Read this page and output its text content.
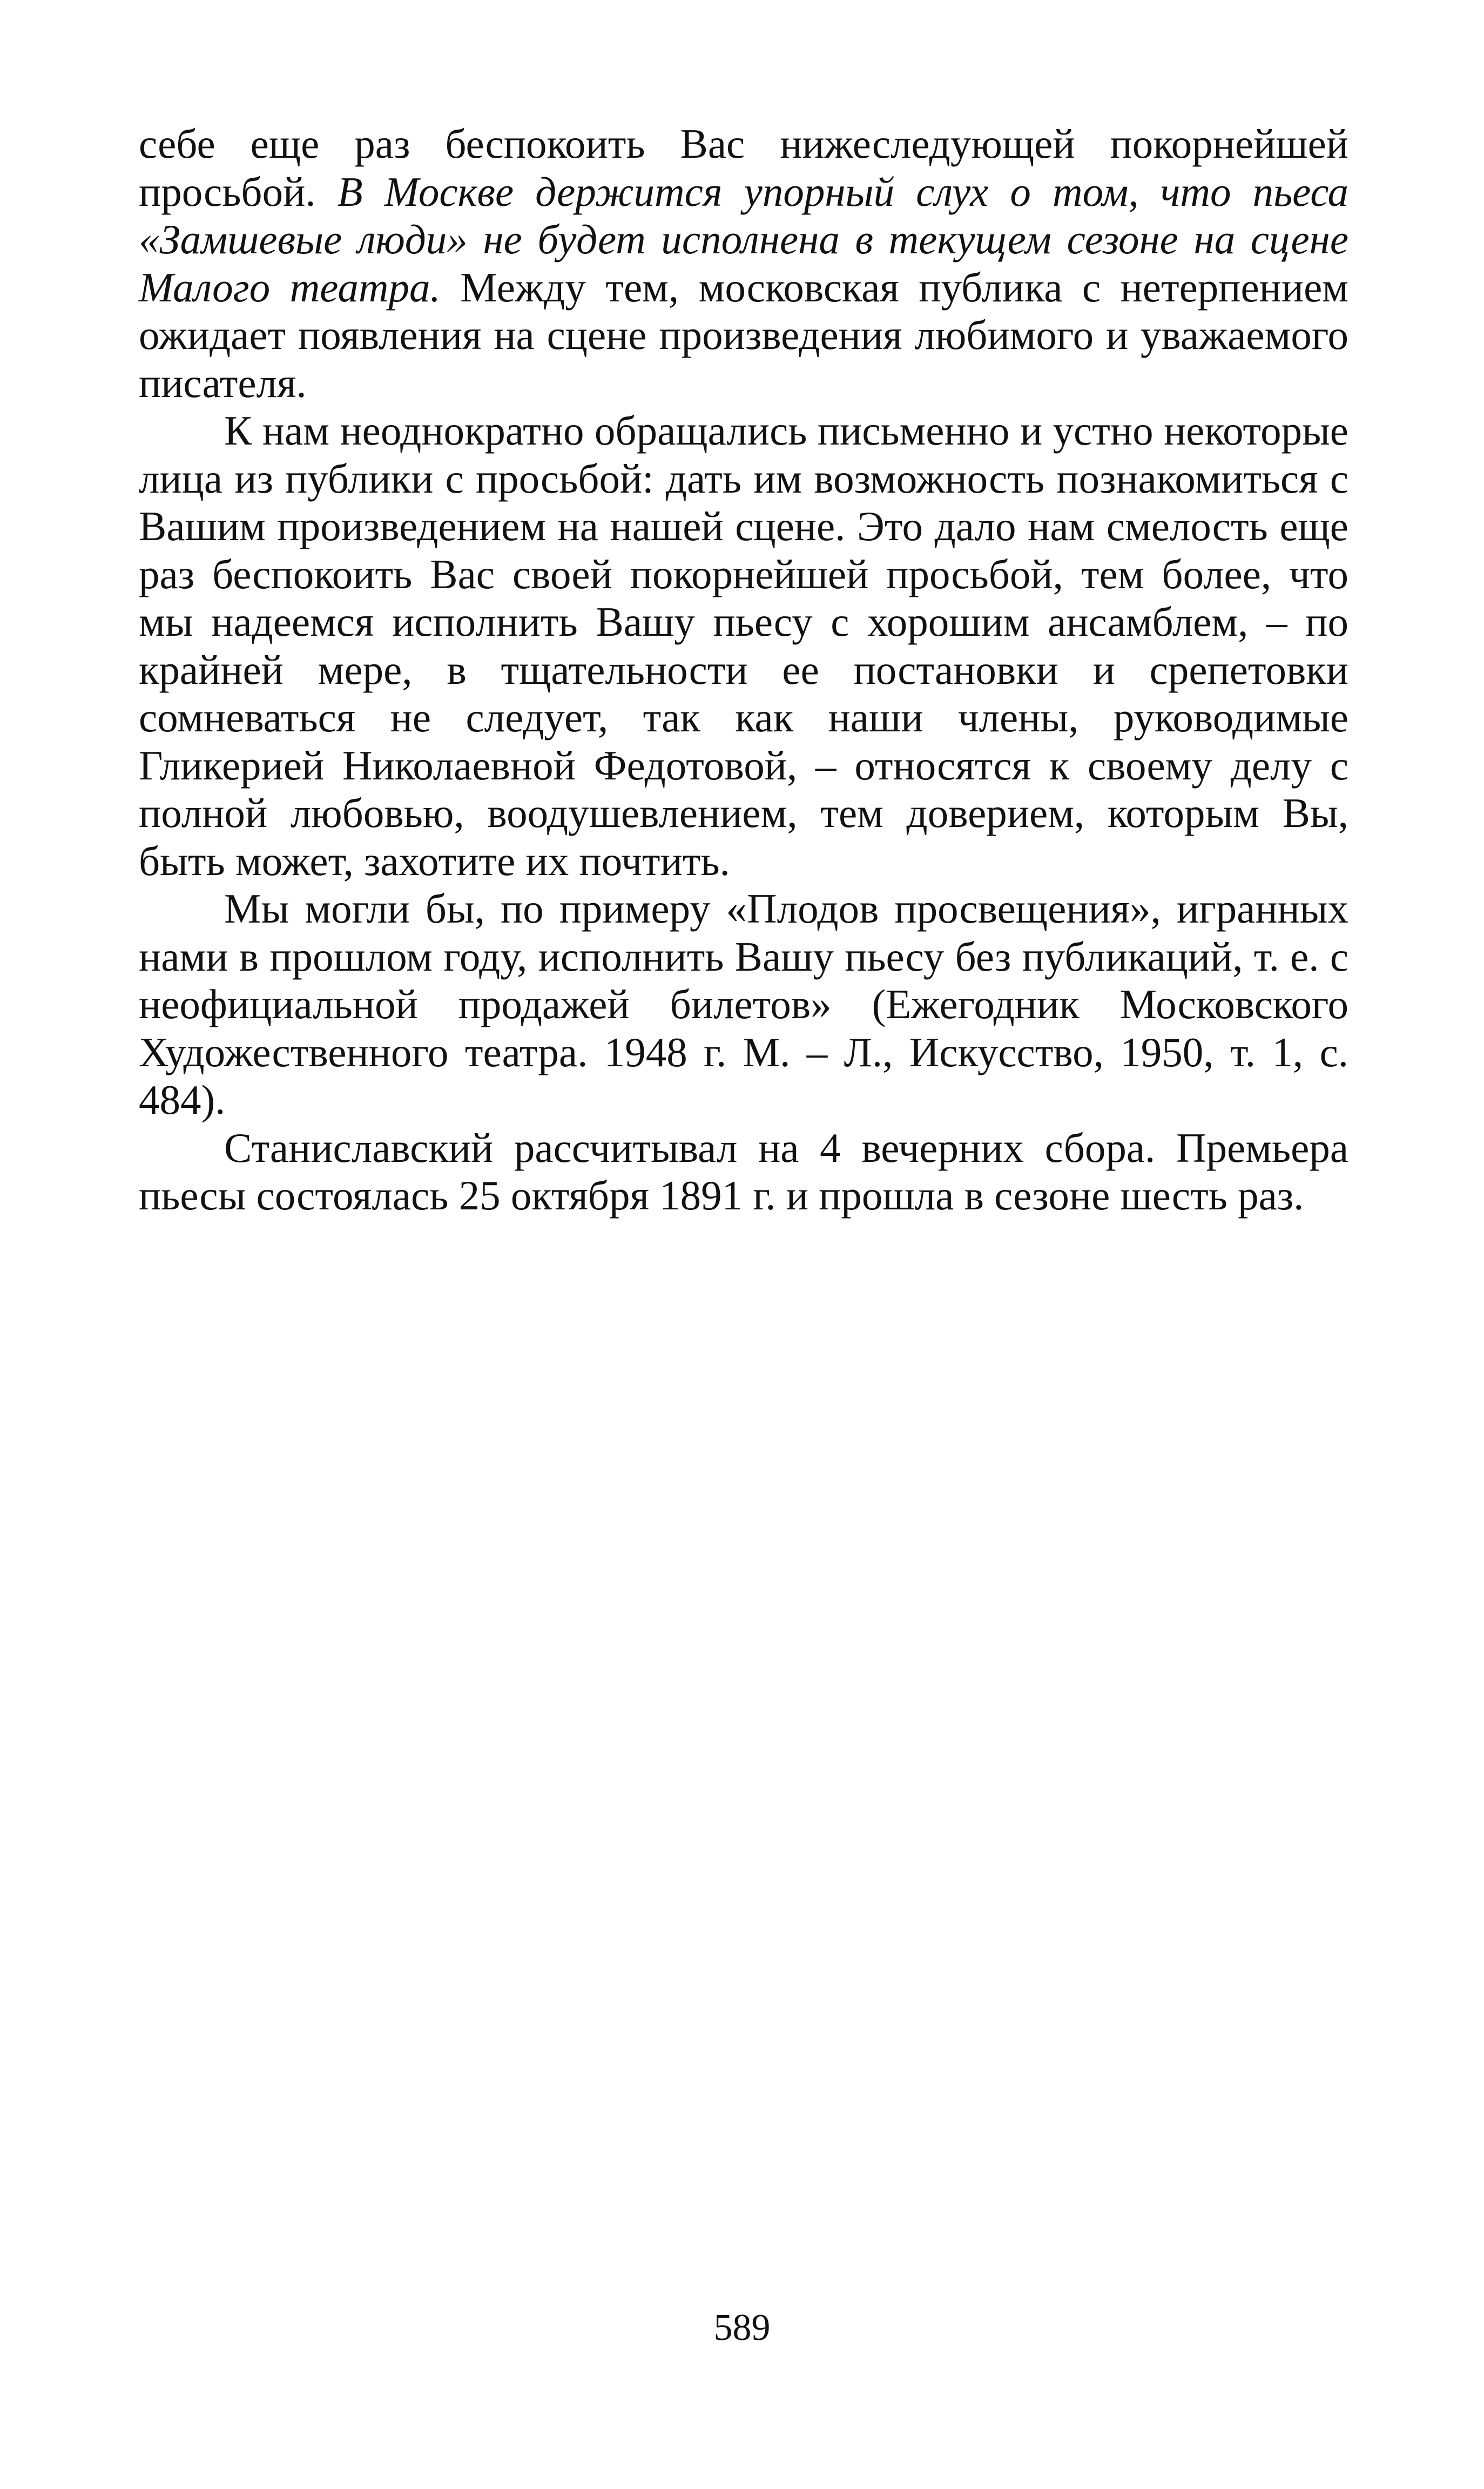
себе еще раз беспокоить Вас нижеследующей покорнейшей просьбой. В Москве держится упорный слух о том, что пьеса «Замшевые люди» не будет исполнена в текущем сезоне на сцене Малого театра. Между тем, московская публика с нетерпением ожидает появления на сцене произведения любимого и уважаемого писателя.

К нам неоднократно обращались письменно и устно некоторые лица из публики с просьбой: дать им возможность познакомиться с Вашим произведением на нашей сцене. Это дало нам смелость еще раз беспокоить Вас своей покорнейшей просьбой, тем более, что мы надеемся исполнить Вашу пьесу с хорошим ансамблем, – по крайней мере, в тщательности ее постановки и срепетовки сомневаться не следует, так как наши члены, руководимые Гликерией Николаевной Федотовой, – относятся к своему делу с полной любовью, воодушевлением, тем доверием, которым Вы, быть может, захотите их почтить.

Мы могли бы, по примеру «Плодов просвещения», игранных нами в прошлом году, исполнить Вашу пьесу без публикаций, т. е. с неофициальной продажей билетов» (Ежегодник Московского Художественного театра. 1948 г. М. – Л., Искусство, 1950, т. 1, с. 484).

Станиславский рассчитывал на 4 вечерних сбора. Премьера пьесы состоялась 25 октября 1891 г. и прошла в сезоне шесть раз.

589
